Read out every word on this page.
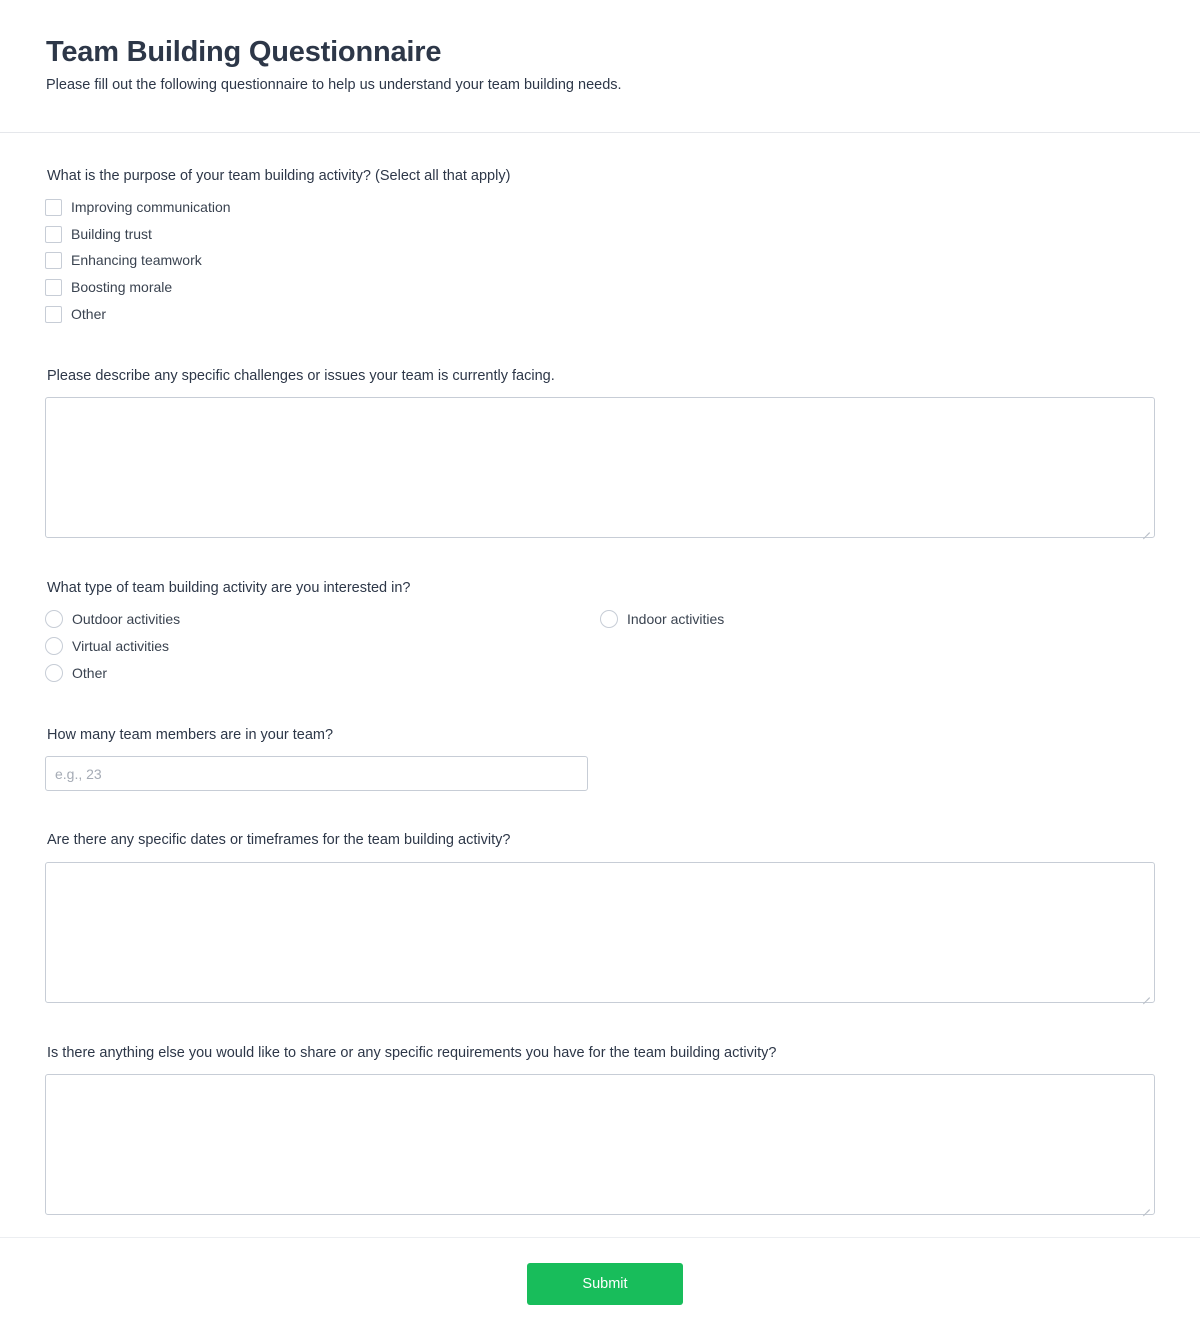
Team Building Questionnaire

Please fill out the following questionnaire to help us understand your team building needs.

What is the purpose of your team building activity? (Select all that apply)
Improving communication
Building trust
Enhancing teamwork
Boosting morale
Other
Please describe any specific challenges or issues your team is currently facing.
What type of team building activity are you interested in?
Outdoor activities	Indoor activities
Virtual activities
Other
How many team members are in your team?
e.g., 23
Are there any specific dates or timeframes for the team building activity?
Is there anything else you would like to share or any specific requirements you have for the team building activity?
Submit
